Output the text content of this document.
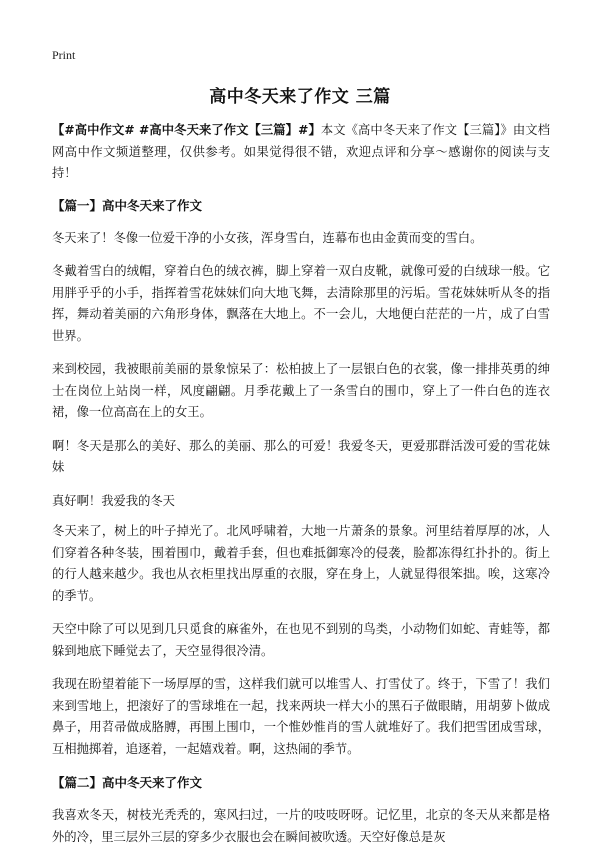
Print
高中冬天来了作文 三篇

【#高中作文# #高中冬天来了作文【三篇】#】本文《高中冬天来了作文【三篇】》由文档网高中作文频道整理，仅供参考。如果觉得很不错，欢迎点评和分享～感谢你的阅读与支持！

【篇一】高中冬天来了作文

冬天来了！冬像一位爱干净的小女孩，浑身雪白，连幕布也由金黄而变的雪白。

冬戴着雪白的绒帽，穿着白色的绒衣裤，脚上穿着一双白皮靴，就像可爱的白绒球一般。它用胖乎乎的小手，指挥着雪花妹妹们向大地飞舞，去清除那里的污垢。雪花妹妹听从冬的指挥，舞动着美丽的六角形身体，飘落在大地上。不一会儿，大地便白茫茫的一片，成了白雪世界。

来到校园，我被眼前美丽的景象惊呆了：松柏披上了一层银白色的衣裳，像一排排英勇的绅士在岗位上站岗一样，风度翩翩。月季花戴上了一条雪白的围巾，穿上了一件白色的连衣裙，像一位高高在上的女王。

啊！冬天是那么的美好、那么的美丽、那么的可爱！我爱冬天，更爱那群活泼可爱的雪花妹妹

真好啊！我爱我的冬天

冬天来了，树上的叶子掉光了。北风呼啸着，大地一片萧条的景象。河里结着厚厚的冰，人们穿着各种冬装，围着围巾，戴着手套，但也难抵御寒冷的侵袭，脸都冻得红扑扑的。街上的行人越来越少。我也从衣柜里找出厚重的衣服，穿在身上，人就显得很笨拙。唉，这寒冷的季节。

天空中除了可以见到几只觅食的麻雀外，在也见不到别的鸟类，小动物们如蛇、青蛙等，都躲到地底下睡觉去了，天空显得很冷清。

我现在盼望着能下一场厚厚的雪，这样我们就可以堆雪人、打雪仗了。终于，下雪了！我们来到雪地上，把滚好了的雪球堆在一起，找来两块一样大小的黑石子做眼睛，用胡萝卜做成鼻子，用苕帚做成胳膊，再围上围巾，一个惟妙惟肖的雪人就堆好了。我们把雪团成雪球，互相抛掷着，追逐着，一起嬉戏着。啊，这热闹的季节。

【篇二】高中冬天来了作文

我喜欢冬天，树枝光秃秃的，寒风扫过，一片的吱吱呀呀。记忆里，北京的冬天从来都是格外的冷，里三层外三层的穿多少衣服也会在瞬间被吹透。天空好像总是灰
